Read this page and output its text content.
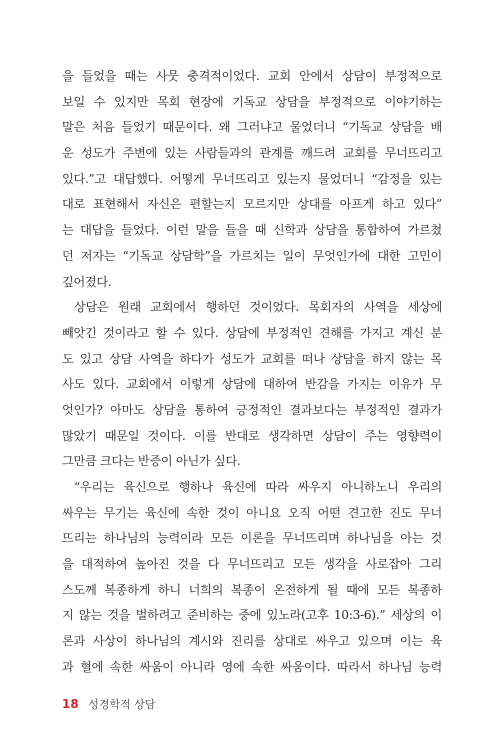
을 들었을 때는 사뭇 충격적이었다. 교회 안에서 상담이 부정적으로
보일 수 있지만 목회 현장에 기독교 상담을 부정적으로 이야기하는
말은 처음 들었기 때문이다. 왜 그러냐고 물었더니 “기독교 상담을 배
운 성도가 주변에 있는 사람들과의 관계를 깨드려 교회를 무너뜨리고
있다.”고 대답했다. 어떻게 무너뜨리고 있는지 물었더니 “감정을 있는
대로 표현해서 자신은 편할는지 모르지만 상대를 아프게 하고 있다”
는 대답을 들었다. 이런 말을 들을 때 신학과 상담을 통합하여 가르쳤
던 저자는 “기독교 상담학”을 가르치는 일이 무엇인가에 대한 고민이
깊어졌다.
상담은 원래 교회에서 행하던 것이었다. 목회자의 사역을 세상에
빼앗긴 것이라고 할 수 있다. 상담에 부정적인 견해를 가지고 계신 분
도 있고 상담 사역을 하다가 성도가 교회를 떠나 상담을 하지 않는 목
사도 있다. 교회에서 이렇게 상담에 대하여 반감을 가지는 이유가 무
엇인가? 아마도 상담을 통하여 긍정적인 결과보다는 부정적인 결과가
많았기 때문일 것이다. 이를 반대로 생각하면 상담이 주는 영향력이
그만큼 크다는 반증이 아닌가 싶다.
“우리는 육신으로 행하나 육신에 따라 싸우지 아니하노니 우리의
싸우는 무기는 육신에 속한 것이 아니요 오직 어떤 견고한 진도 무너
뜨리는 하나님의 능력이라 모든 이론을 무너뜨리며 하나님을 아는 것
을 대적하여 높아진 것을 다 무너뜨리고 모든 생각을 사로잡아 그리
스도께 복종하게 하니 너희의 복종이 온전하게 될 때에 모든 복종하
지 않는 것을 벌하려고 준비하는 중에 있노라(고후 10:3-6).” 세상의 이
론과 사상이 하나님의 계시와 진리를 상대로 싸우고 있으며 이는 육
과 혈에 속한 싸움이 아니라 영에 속한 싸움이다. 따라서 하나님 능력
18 성경학적 상담
